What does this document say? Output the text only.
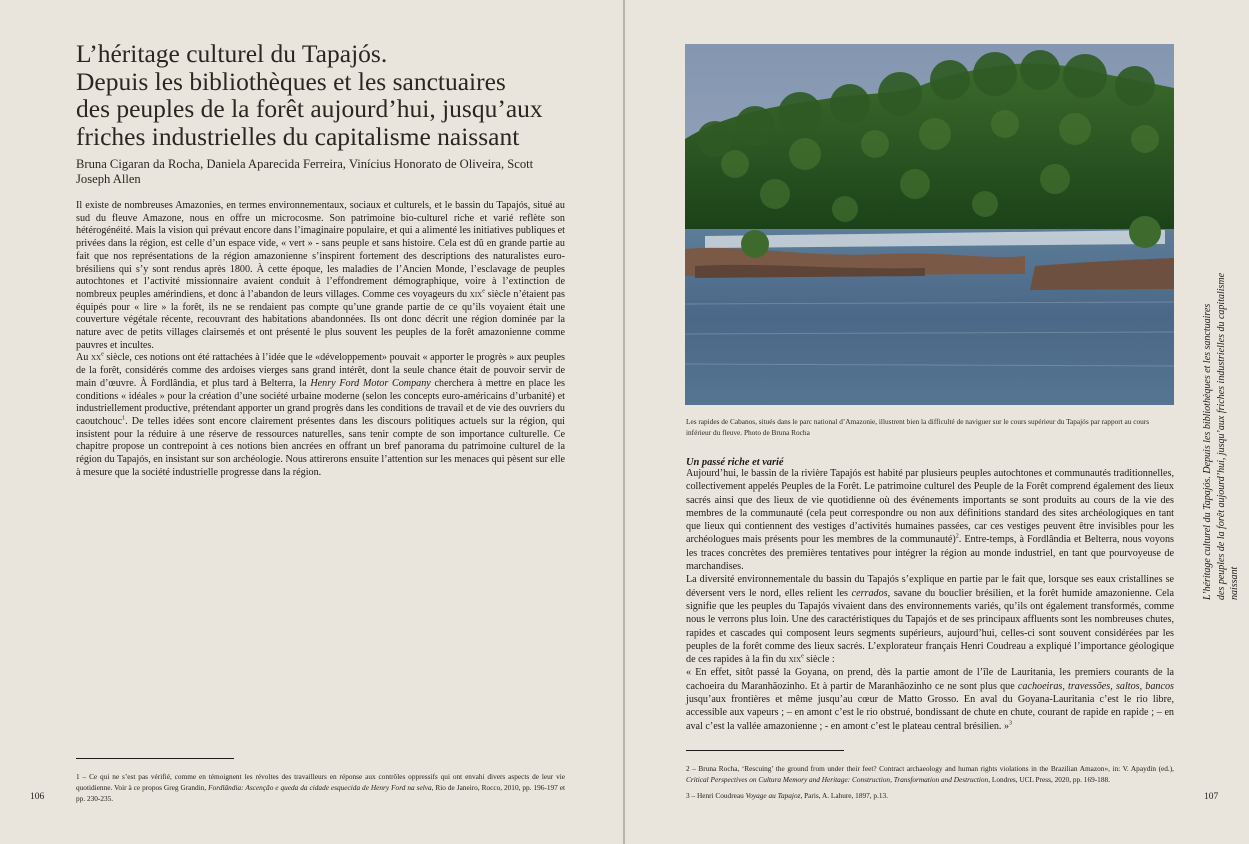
L’héritage culturel du Tapajós.
Depuis les bibliothèques et les sanctuaires
des peuples de la forêt aujourd’hui, jusqu’aux
friches industrielles du capitalisme naissant
Bruna Cigaran da Rocha, Daniela Aparecida Ferreira, Vinícius Honorato de Oliveira, Scott Joseph Allen

Il existe de nombreuses Amazonies, en termes environnementaux, sociaux et culturels, et le bassin du Tapajós, situé au sud du fleuve Amazone, nous en offre un microcosme. Son patrimoine bio-culturel riche et varié reflète son hétérogénéité. Mais la vision qui prévaut encore dans l’imaginaire populaire, et qui a alimenté les initiatives publiques et privées dans la région, est celle d’un espace vide, « vert » - sans peuple et sans histoire. Cela est dû en grande partie au fait que nos représentations de la région amazonienne s’inspirent fortement des descriptions des naturalistes euro-brésiliens qui s’y sont rendus après 1800. À cette époque, les maladies de l’Ancien Monde, l’esclavage de peuples autochtones et l’activité missionnaire avaient conduit à l’effondrement démographique, voire à l’extinction de nombreux peuples amérindiens, et donc à l’abandon de leurs villages. Comme ces voyageurs du xix$^e$ siècle n’étaient pas équipés pour « lire » la forêt, ils ne se rendaient pas compte qu’une grande partie de ce qu’ils voyaient était une couverture végétale récente, recouvrant des habitations abandonnées. Ils ont donc décrit une région dominée par la nature avec de petits villages clairsemés et ont présenté le plus souvent les peuples de la forêt amazonienne comme pauvres et incultes.

Au $xx^e$ siècle, ces notions ont été rattachées à l’idée que le «développement» pouvait « apporter le progrès » aux peuples de la forêt, considérés comme des ardoises vierges sans grand intérêt, dont la seule chance était de pouvoir servir de main d’œuvre. À Fordlândia, et plus tard à Belterra, la Henry Ford Motor Company cherchera à mettre en place les conditions « idéales » pour la création d’une société urbaine moderne (selon les concepts euro-américains d’urbanité) et industriellement productive, prétendant apporter un grand progrès dans les conditions de travail et de vie des ouvriers du caoutchouc$^1$. De telles idées sont encore clairement présentes dans les discours politiques actuels sur la région, qui insistent pour la réduire à une réserve de ressources naturelles, sans tenir compte de son importance culturelle. Ce chapitre propose un contrepoint à ces notions bien ancrées en offrant un bref panorama du patrimoine culturel de la région du Tapajós, en insistant sur son archéologie. Nous attirerons ensuite l’attention sur les menaces qui pèsent sur elle à mesure que la société industrielle progresse dans la région.

1 – Ce qui ne s’est pas vérifié, comme en témoignent les révoltes des travailleurs en réponse aux contrôles oppressifs qui ont envahi divers aspects de leur vie quotidienne. Voir à ce propos Greg Grandin, Fordlândia: Ascenção e queda da cidade esquecida de Henry Ford na selva, Rio de Janeiro, Rocco, 2010, pp. 196-197 et pp. 230-235.
106
Les rapides de Cabanos, situés dans le parc national d’Amazonie, illustrent bien la difficulté de naviguer sur le cours supérieur du Tapajós par rapport au cours inférieur du fleuve. Photo de Bruna Rocha
Un passé riche et varié

Aujourd’hui, le bassin de la rivière Tapajós est habité par plusieurs peuples autochtones et communautés traditionnelles, collectivement appelés Peuples de la Forêt. Le patrimoine culturel des Peuple de la Forêt comprend également des lieux sacrés ainsi que des lieux de vie quotidienne où des événements importants se sont produits au cours de la vie des membres de la communauté (cela peut correspondre ou non aux définitions standard des sites archéologiques en tant que lieux qui contiennent des vestiges d’activités humaines passées, car ces vestiges peuvent être invisibles pour les archéologues mais présents pour les membres de la communauté)$^2$. Entre-temps, à Fordlândia et Belterra, nous voyons les traces concrètes des premières tentatives pour intégrer la région au monde industriel, en tant que pourvoyeuse de marchandises.

La diversité environnementale du bassin du Tapajós s’explique en partie par le fait que, lorsque ses eaux cristallines se déversent vers le nord, elles relient les cerrados, savane du bouclier brésilien, et la forêt humide amazonienne. Cela signifie que les peuples du Tapajós vivaient dans des environnements variés, qu’ils ont également transformés, comme nous le verrons plus loin. Une des caractéristiques du Tapajós et de ses principaux affluents sont les nombreuses chutes, rapides et cascades qui composent leurs segments supérieurs, aujourd’hui, celles-ci sont souvent considérées par les peuples de la forêt comme des lieux sacrés. L’explorateur français Henri Coudreau a expliqué l’importance géologique de ces rapides à la fin du xix$^e$ siècle :

« En effet, sitôt passé la Goyana, on prend, dès la partie amont de l’île de Lauritania, les premiers courants de la cachoeira du Maranhãozinho. Et à partir de Maranhãozinho ce ne sont plus que cachoeiras, travessões, saltos, bancos jusqu’aux frontières et même jusqu’au cœur de Matto Grosso. En aval du Goyana-Lauritania c’est le rio libre, accessible aux vapeurs ; – en amont c’est le rio obstrué, bondissant de chute en chute, courant de rapide en rapide ; – en aval c’est la vallée amazonienne ; - en amont c’est le plateau central brésilien. »$^3$

2 – Bruna Rocha, ‘Rescuing’ the ground from under their feet? Contract archaeology and human rights violations in the Brazilian Amazon», in: V. Apaydin (ed.), Critical Perspectives on Cultura Memory and Heritage: Construction, Transformation and Destruction, Londres, UCL Press, 2020, pp. 169-188.

3 – Henri Coudreau Voyage au Tapajoz, Paris, A. Lahure, 1897, p.13.	107
L’héritage culturel du Tapajós. Depuis les bibliothèques et les sanctuaires des peuples de la forêt aujourd’hui, jusqu’aux friches industrielles du capitalisme naissant
